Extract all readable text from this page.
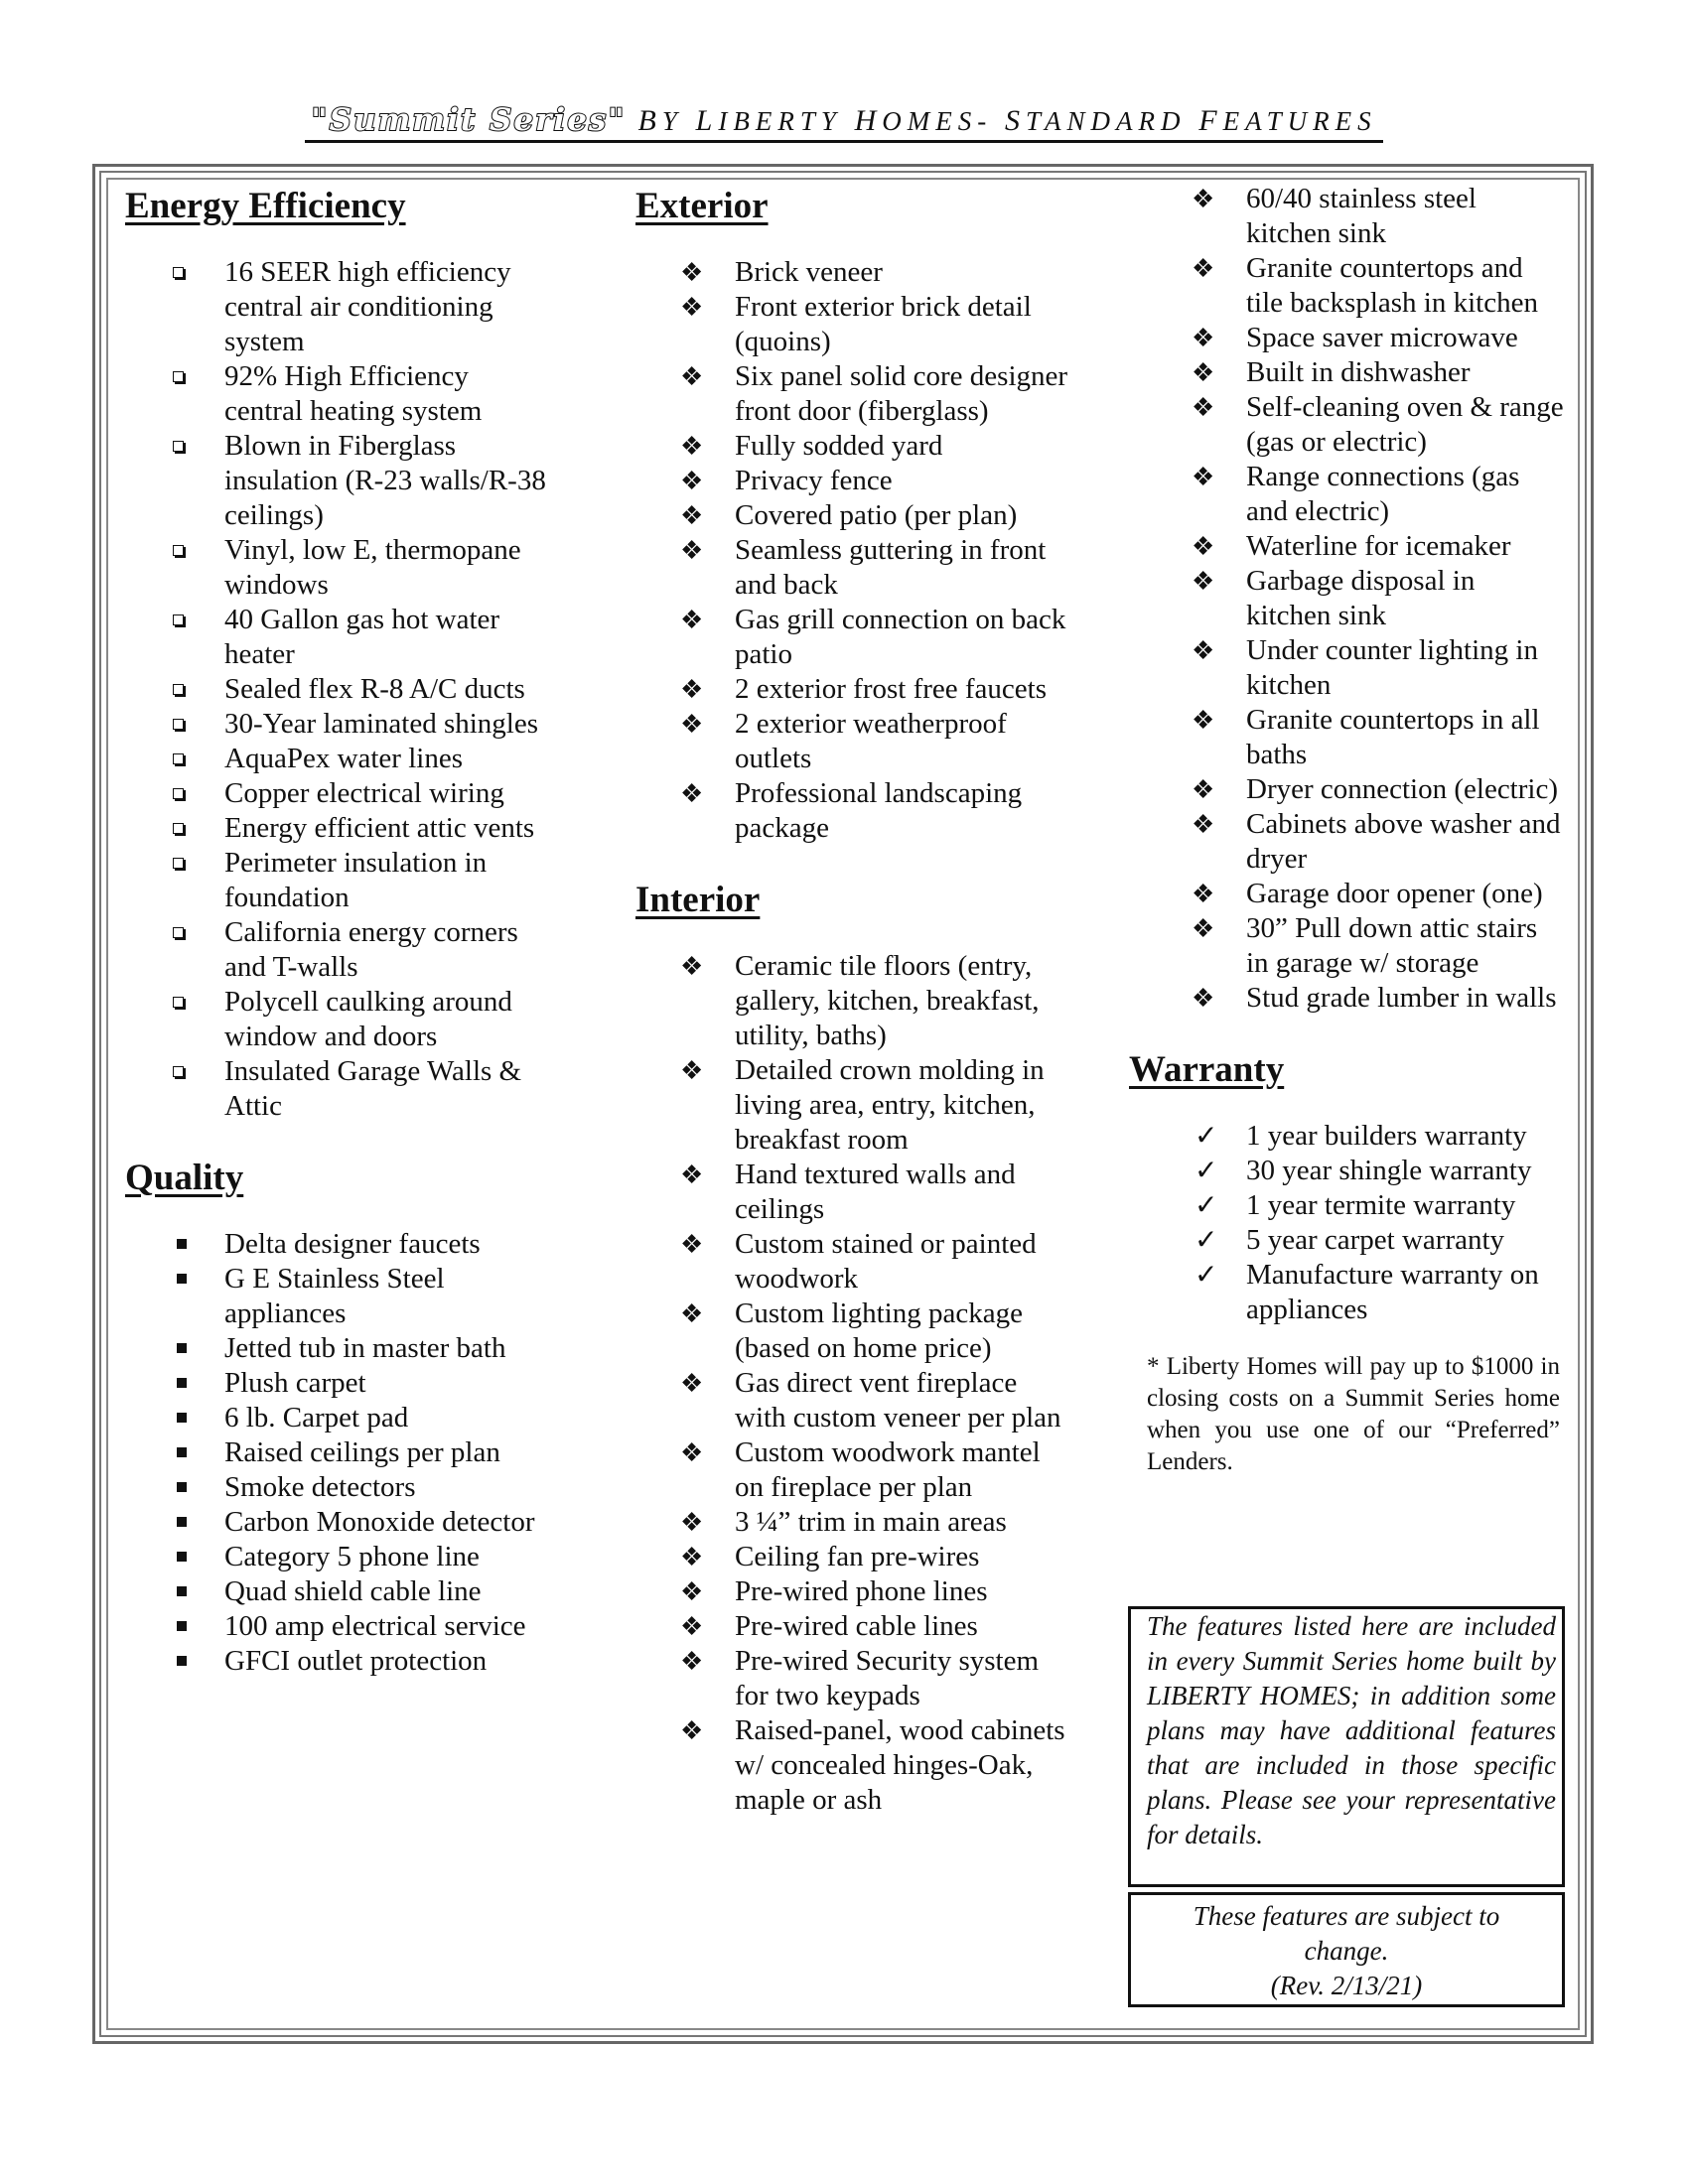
"Summit Series" BY LIBERTY HOMES- STANDARD FEATURES
Energy Efficiency
16 SEER high efficiency central air conditioning system
92% High Efficiency central heating system
Blown in Fiberglass insulation (R-23 walls/R-38 ceilings)
Vinyl, low E, thermopane windows
40 Gallon gas hot water heater
Sealed flex R-8 A/C ducts
30-Year laminated shingles
AquaPex water lines
Copper electrical wiring
Energy efficient attic vents
Perimeter insulation in foundation
California energy corners and T-walls
Polycell caulking around window and doors
Insulated Garage Walls & Attic
Quality
Delta designer faucets
G E Stainless Steel appliances
Jetted tub in master bath
Plush carpet
6 lb. Carpet pad
Raised ceilings per plan
Smoke detectors
Carbon Monoxide detector
Category 5 phone line
Quad shield cable line
100 amp electrical service
GFCI outlet protection
Exterior
❖ Brick veneer
❖ Front exterior brick detail (quoins)
❖ Six panel solid core designer front door (fiberglass)
❖ Fully sodded yard
❖ Privacy fence
❖ Covered patio (per plan)
❖ Seamless guttering in front and back
❖ Gas grill connection on back patio
❖ 2 exterior frost free faucets
❖ 2 exterior weatherproof outlets
❖ Professional landscaping package
Interior
❖ Ceramic tile floors (entry, gallery, kitchen, breakfast, utility, baths)
❖ Detailed crown molding in living area, entry, kitchen, breakfast room
❖ Hand textured walls and ceilings
❖ Custom stained or painted woodwork
❖ Custom lighting package (based on home price)
❖ Gas direct vent fireplace with custom veneer per plan
❖ Custom woodwork mantel on fireplace per plan
❖ 3 ¼” trim in main areas
❖ Ceiling fan pre-wires
❖ Pre-wired phone lines
❖ Pre-wired cable lines
❖ Pre-wired Security system for two keypads
❖ Raised-panel, wood cabinets w/ concealed hinges-Oak, maple or ash
❖ 60/40 stainless steel kitchen sink
❖ Granite countertops and tile backsplash in kitchen
❖ Space saver microwave
❖ Built in dishwasher
❖ Self-cleaning oven & range (gas or electric)
❖ Range connections (gas and electric)
❖ Waterline for icemaker
❖ Garbage disposal in kitchen sink
❖ Under counter lighting in kitchen
❖ Granite countertops in all baths
❖ Dryer connection (electric)
❖ Cabinets above washer and dryer
❖ Garage door opener (one)
❖ 30” Pull down attic stairs in garage w/ storage
❖ Stud grade lumber in walls
Warranty
✓ 1 year builders warranty
✓ 30 year shingle warranty
✓ 1 year termite warranty
✓ 5 year carpet warranty
✓ Manufacture warranty on appliances
* Liberty Homes will pay up to $1000 in closing costs on a Summit Series home when you use one of our “Preferred” Lenders.
The features listed here are included in every Summit Series home built by LIBERTY HOMES; in addition some plans may have additional features that are included in those specific plans. Please see your representative
for details.
These features are subject to change.
(Rev. 2/13/21)
